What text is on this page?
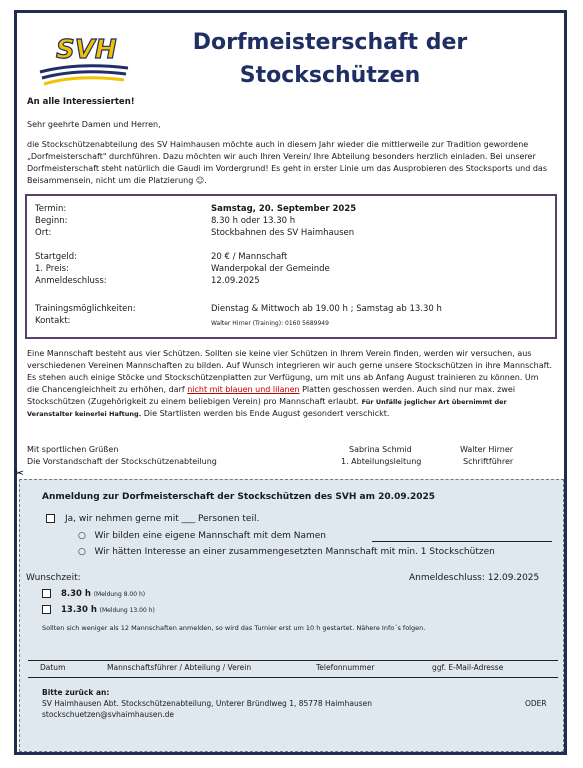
SVH	Dorfmeisterschaft der
Stockschützen
An alle Interessierten!
Sehr geehrte Damen und Herren,
die Stockschützenabteilung des SV Haimhausen möchte auch in diesem Jahr wieder die mittlerweile zur Tradition gewordene „Dorfmeisterschaft" durchführen. Dazu möchten wir auch Ihren Verein/ Ihre Abteilung besonders herzlich einladen. Bei unserer Dorfmeisterschaft steht natürlich die Gaudi im Vordergrund! Es geht in erster Linie um das Ausprobieren des Stocksports und das Beisammensein, nicht um die Platzierung ☺.
Termin:	Samstag, 20. September 2025
Beginn:	8.30 h oder 13.30 h
Ort:	Stockbahnen des SV Haimhausen
Startgeld:	20 € / Mannschaft
1. Preis:	Wanderpokal der Gemeinde
Anmeldeschluss:	12.09.2025
Trainingsmöglichkeiten:	Dienstag & Mittwoch ab 19.00 h ; Samstag ab 13.30 h
Kontakt:	Walter Hirner (Training): 0160 5689949
Eine Mannschaft besteht aus vier Schützen. Sollten sie keine vier Schützen in Ihrem Verein finden, werden wir versuchen, aus verschiedenen Vereinen Mannschaften zu bilden. Auf Wunsch integrieren wir auch gerne unsere Stockschützen in ihre Mannschaft. Es stehen auch einige Stöcke und Stockschützenplatten zur Verfügung, um mit uns ab Anfang August trainieren zu können. Um die Chancengleichheit zu erhöhen, darf nicht mit blauen und lilanen Platten geschossen werden. Auch sind nur max. zwei Stockschützen (Zugehörigkeit zu einem beliebigen Verein) pro Mannschaft erlaubt. Für Unfälle jeglicher Art übernimmt der Veranstalter keinerlei Haftung. Die Startlisten werden bis Ende August gesondert verschickt.
Mit sportlichen Grüßen
Die Vorstandschaft der Stockschützenabteilung
Sabrina Schmid
1. Abteilungsleitung
Walter Hirner
Schriftführer
Anmeldung zur Dorfmeisterschaft der Stockschützen des SVH am 20.09.2025
Ja, wir nehmen gerne mit ___ Personen teil.
○   Wir bilden eine eigene Mannschaft mit dem Namen
○   Wir hätten Interesse an einer zusammengesetzten Mannschaft mit min. 1 Stockschützen
Wunschzeit:	Anmeldeschluss: 12.09.2025
8.30 h (Meldung 8.00 h)
13.30 h (Meldung 13.00 h)
Sollten sich weniger als 12 Mannschaften anmelden, so wird das Turnier erst um 10 h gestartet. Nähere Info´s folgen.
Datum	Mannschaftsführer / Abteilung / Verein	Telefonnummer	ggf. E-Mail-Adresse
Bitte zurück an:
SV Haimhausen Abt. Stockschützenabteilung, Unterer Bründlweg 1, 85778 Haimhausen
stockschuetzen@svhaimhausen.de
ODER
✂
